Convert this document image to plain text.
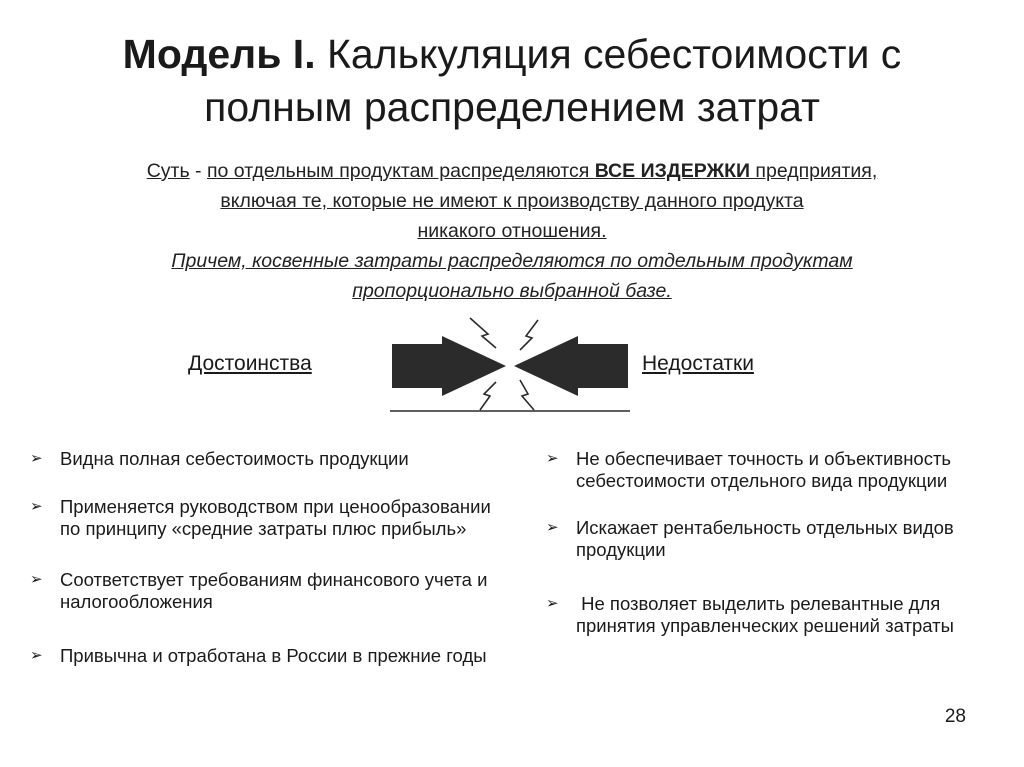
Модель I. Калькуляция себестоимости с
полным распределением затрат
Суть - по отдельным продуктам распределяются ВСЕ ИЗДЕРЖКИ предприятия,
включая те, которые не имеют к производству данного продукта
никакого отношения.
Причем, косвенные затраты распределяются по отдельным продуктам
пропорционально выбранной базе.
Достоинства	Недостатки
➢ Видна полная себестоимость продукции
➢ Применяется руководством при ценообразовании по принципу «средние затраты плюс прибыль»
➢ Соответствует требованиям финансового учета и налогообложения
➢ Привычна и отработана в России в прежние годы
➢ Не обеспечивает точность и объективность себестоимости отдельного вида продукции
➢ Искажает рентабельность отдельных видов продукции
➢ Не позволяет выделить релевантные для принятия управленческих решений затраты
28
